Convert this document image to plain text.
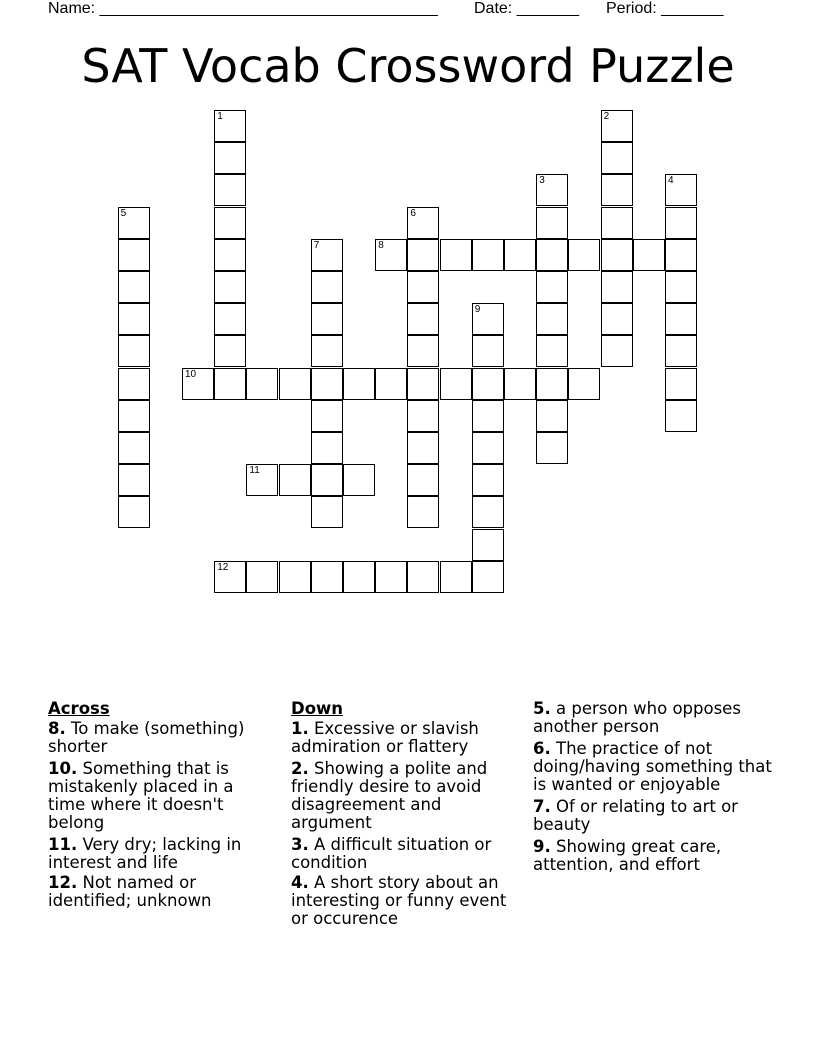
Name: ______________________________________ Date: _______ Period: _______
SAT Vocab Crossword Puzzle
1	2
3	4
5	6
7	8
9
10
11
12
Across
8. To make (something) shorter
10. Something that is mistakenly placed in a time where it doesn't belong
11. Very dry; lacking in interest and life
12. Not named or identified; unknown
Down
1. Excessive or slavish admiration or flattery
2. Showing a polite and friendly desire to avoid disagreement and argument
3. A difficult situation or condition
4. A short story about an interesting or funny event or occurence
5. a person who opposes another person
6. The practice of not doing/having something that is wanted or enjoyable
7. Of or relating to art or beauty
9. Showing great care, attention, and effort
